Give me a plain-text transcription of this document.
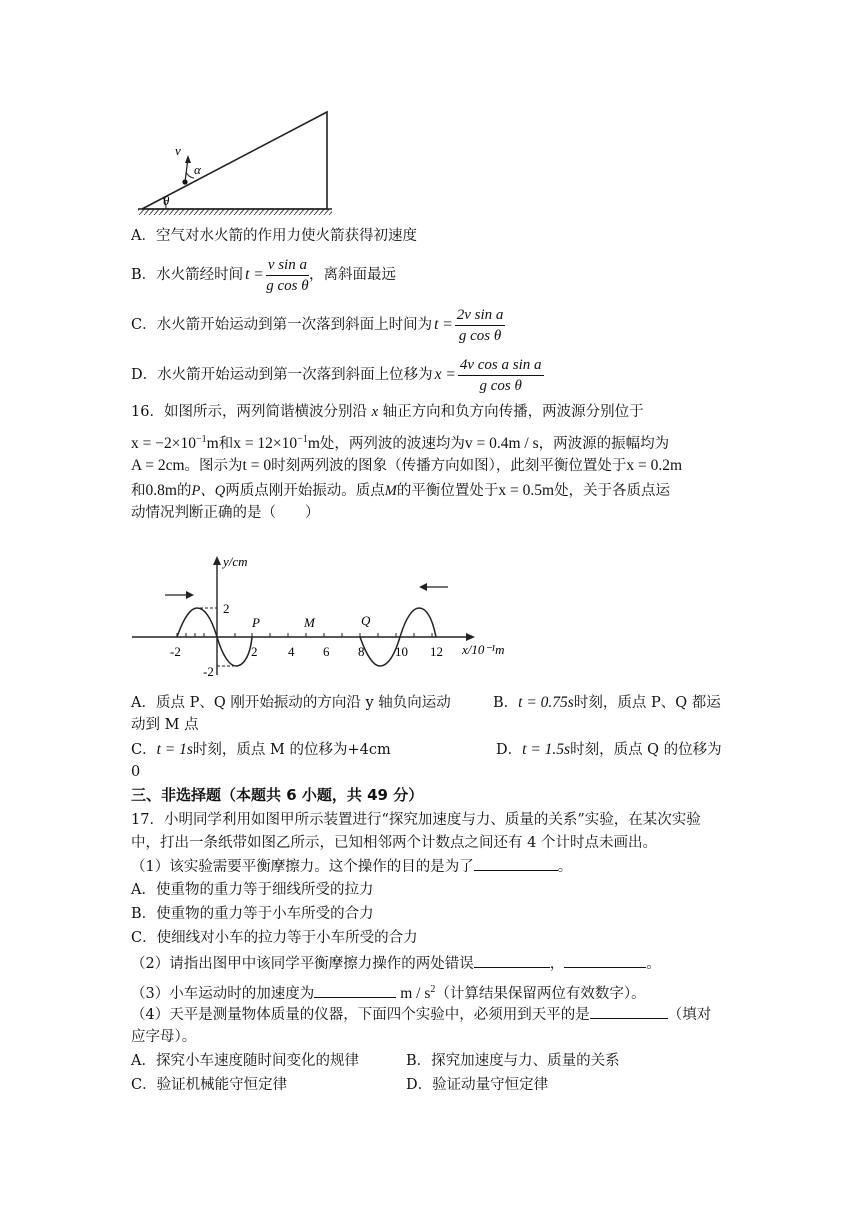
v
α
θ
A．空气对水火箭的作用力使火箭获得初速度
B．水火箭经时间 $t = \frac{\text{v sin a}}{\text{g cos θ}}$ ，离斜面最远
C．水火箭开始运动到第一次落到斜面上时间为 $t = \frac{\text{2v sin a}}{\text{g cos θ}}$
D．水火箭开始运动到第一次落到斜面上位移为 $x = \frac{\text{4v cos a sin a}}{\text{g cos θ}}$
16．如图所示，两列简谐横波分别沿 x 轴正方向和负方向传播，两波源分别位于
$x = -2\times 10^{-1}m$和$x = 12\times 10^{-1}m$处，两列波的波速均为v = 0.4m / s，两波源的振幅均为
A = 2cm。图示为t = 0时刻两列波的图象（传播方向如图），此刻平衡位置处于x = 0.2m
和0.8m的P、Q两质点刚开始振动。质点M的平衡位置处于x = 0.5m处，关于各质点运
动情况判断正确的是（　　）
y/cm
x/10⁻¹m
2
-2
-2	2 4 6 8 10 12
P	M	Q
A．质点 P、Q 刚开始振动的方向沿 y 轴负向运动	B．t = 0.75s时刻，质点 P、Q 都运
动到 M 点
C．t = 1s时刻，质点 M 的位移为+4cm	D．t = 1.5s时刻，质点 Q 的位移为
0
三、非选择题（本题共 6 小题，共 49 分）
17．小明同学利用如图甲所示装置进行“探究加速度与力、质量的关系”实验，在某次实验
中，打出一条纸带如图乙所示，已知相邻两个计数点之间还有 4 个计时点未画出。
（1）该实验需要平衡摩擦力。这个操作的目的是为了	。
A．使重物的重力等于细线所受的拉力
B．使重物的重力等于小车所受的合力
C．使细线对小车的拉力等于小车所受的合力
（2）请指出图甲中该同学平衡摩擦力操作的两处错误	，	。
（3）小车运动时的加速度为	m / $s^2$（计算结果保留两位有效数字）。
（4）天平是测量物体质量的仪器，下面四个实验中，必须用到天平的是	（填对
应字母）。
A．探究小车速度随时间变化的规律	B．探究加速度与力、质量的关系
C．验证机械能守恒定律	D．验证动量守恒定律
